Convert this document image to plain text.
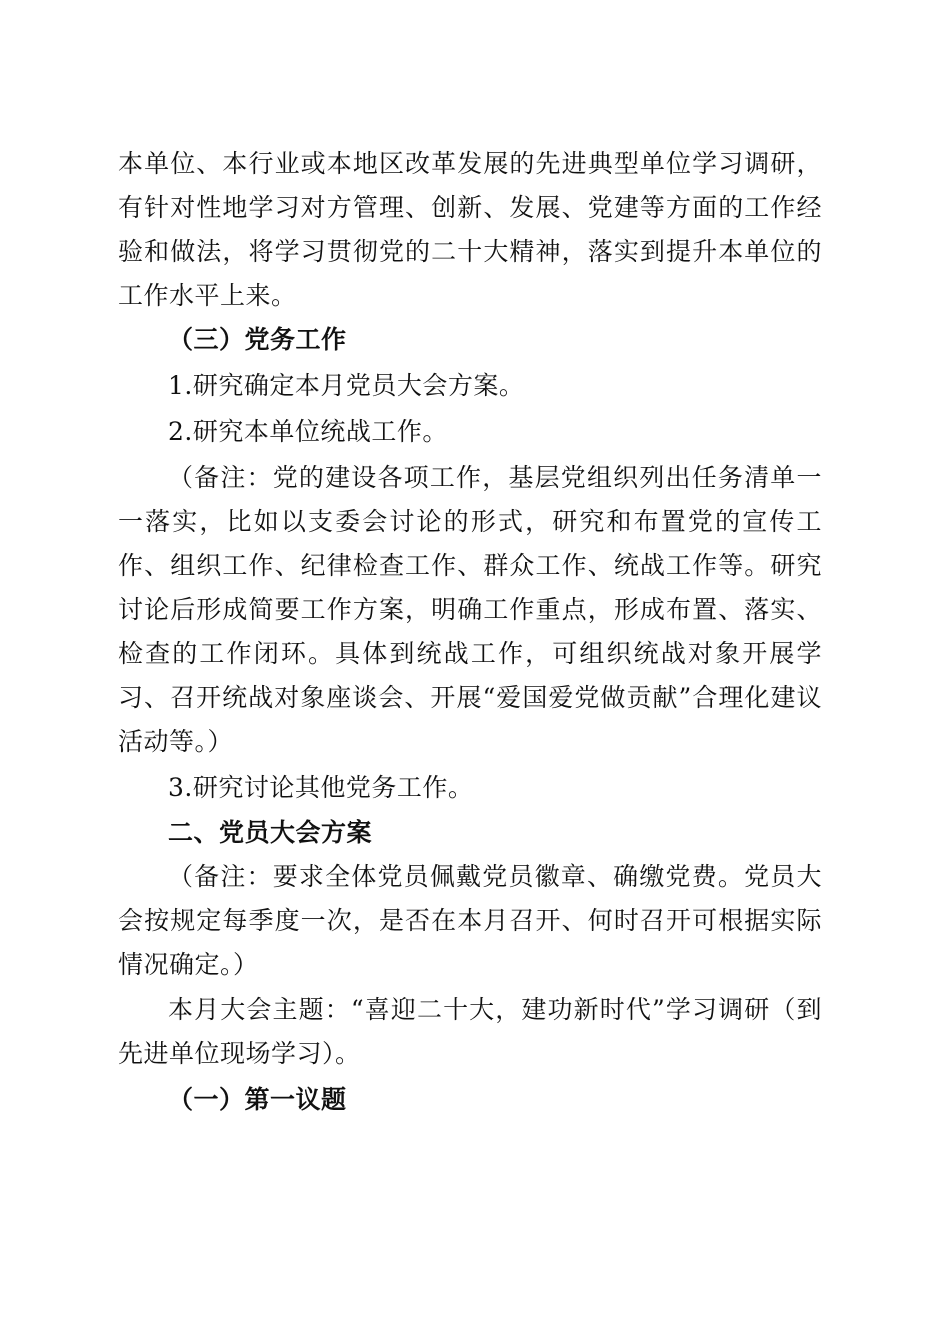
本单位、本行业或本地区改革发展的先进典型单位学习调研，有针对性地学习对方管理、创新、发展、党建等方面的工作经验和做法，将学习贯彻党的二十大精神，落实到提升本单位的工作水平上来。

（三）党务工作

1.研究确定本月党员大会方案。

2.研究本单位统战工作。

（备注：党的建设各项工作，基层党组织列出任务清单一一落实，比如以支委会讨论的形式，研究和布置党的宣传工作、组织工作、纪律检查工作、群众工作、统战工作等。研究讨论后形成简要工作方案，明确工作重点，形成布置、落实、检查的工作闭环。具体到统战工作，可组织统战对象开展学习、召开统战对象座谈会、开展“爱国爱党做贡献”合理化建议活动等。）

3.研究讨论其他党务工作。

二、党员大会方案

（备注：要求全体党员佩戴党员徽章、确缴党费。党员大会按规定每季度一次，是否在本月召开、何时召开可根据实际情况确定。）

本月大会主题：“喜迎二十大，建功新时代”学习调研（到先进单位现场学习）。

（一）第一议题
